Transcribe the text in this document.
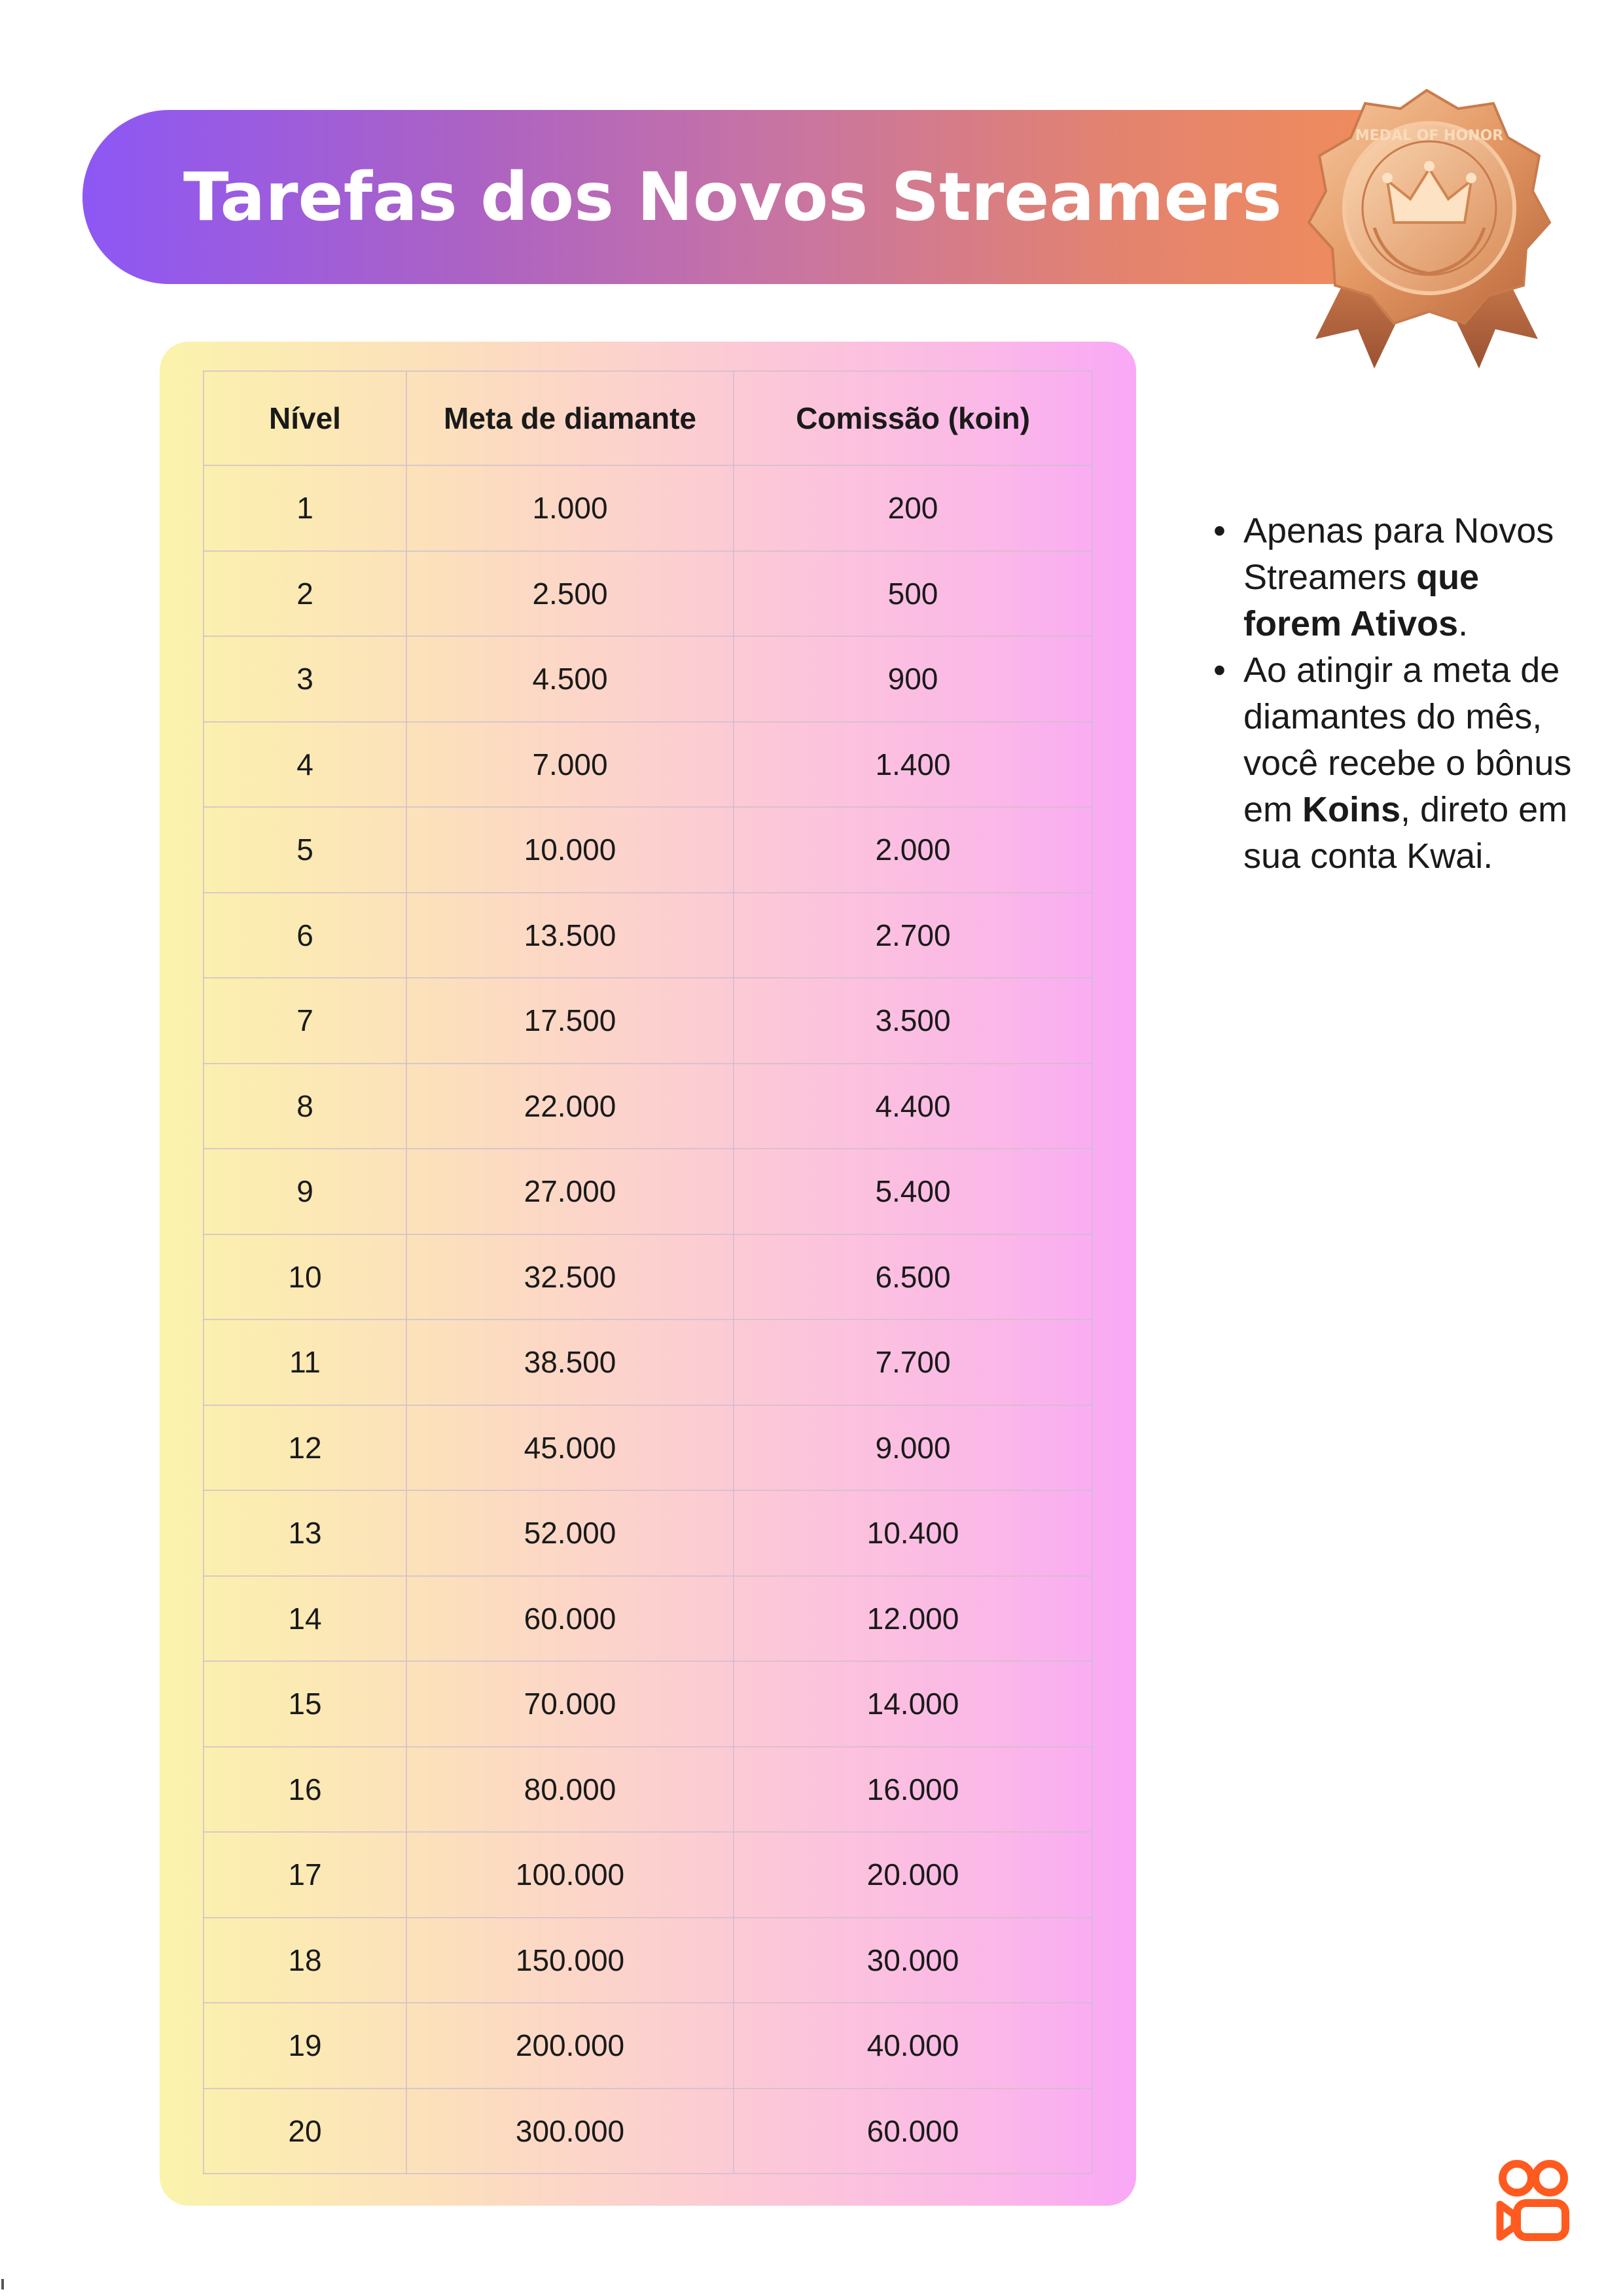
Tarefas dos Novos Streamers
MEDAL OF HONOR
Nível	Meta de diamante	Comissão (koin)
1	1.000	200
2	2.500	500
3	4.500	900
4	7.000	1.400
5	10.000	2.000
6	13.500	2.700
7	17.500	3.500
8	22.000	4.400
9	27.000	5.400
10	32.500	6.500
11	38.500	7.700
12	45.000	9.000
13	52.000	10.400
14	60.000	12.000
15	70.000	14.000
16	80.000	16.000
17	100.000	20.000
18	150.000	30.000
19	200.000	40.000
20	300.000	60.000
• Apenas para Novos Streamers que forem Ativos.
• Ao atingir a meta de diamantes do mês, você recebe o bônus em Koins, direto em sua conta Kwai.
